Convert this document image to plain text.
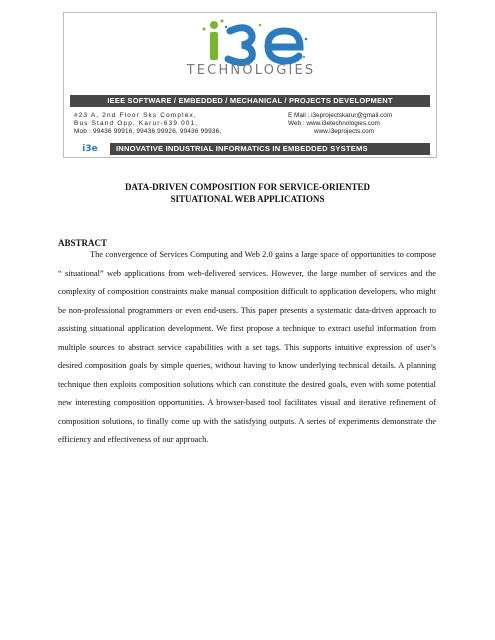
TECHNOLOGIES
IEEE SOFTWARE / EMBEDDED / MECHANICAL / PROJECTS DEVELOPMENT
#23 A, 2nd Floor Sks Complex,
Bus Stand Opp, Karur-639 001.
Mob : 99436 99916, 99436 99926, 99436 99936,
E Mail : i3eprojectskarur@gmail.com
Web : www.i3etechnologies.com
www.i3eprojects.com
i3e	INNOVATIVE INDUSTRIAL INFORMATICS IN EMBEDDED SYSTEMS
DATA-DRIVEN COMPOSITION FOR SERVICE-ORIENTED
SITUATIONAL WEB APPLICATIONS
ABSTRACT
The convergence of Services Computing and Web 2.0 gains a large space of opportunities to compose “ situational” web applications from web-delivered services. However, the large number of services and the complexity of composition constraints make manual composition difficult to application developers, who might be non-professional programmers or even end-users. This paper presents a systematic data-driven approach to assisting situational application development. We first propose a technique to extract useful information from multiple sources to abstract service capabilities with a set tags. This supports intuitive expression of user’s desired composition goals by simple queries, without having to know underlying technical details. A planning technique then exploits composition solutions which can constitute the desired goals, even with some potential new interesting composition opportunities. A browser-based tool facilitates visual and iterative refinement of composition solutions, to finally come up with the satisfying outputs. A series of experiments demonstrate the efficiency and effectiveness of our approach.
